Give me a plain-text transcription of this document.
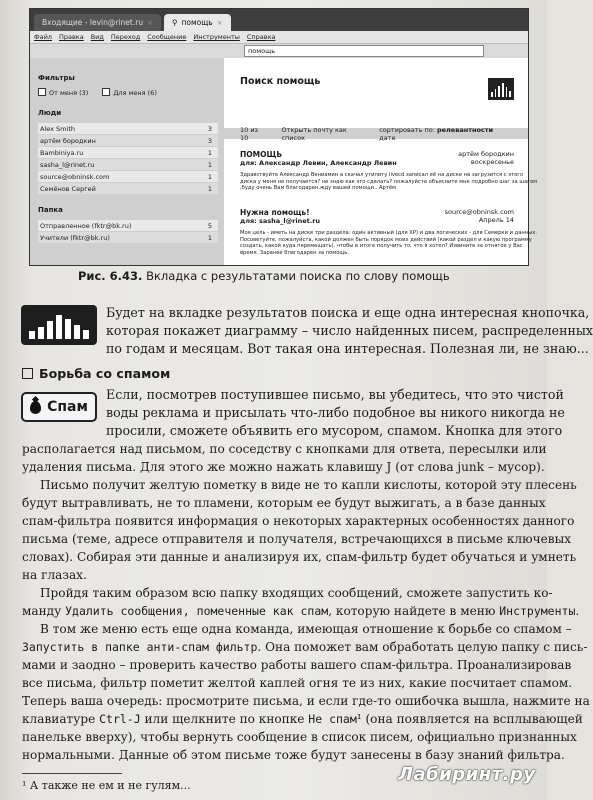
Входящие - levin@rinet.ru ×	⚲ помощь ×
Файл Правка Вид Переход Сообщение Инструменты Справка
помощь
Фильтры
От меня (3)	Для меня (6)
Люди
Alex Smith	3
артём бородкин	3
Bambiniya.ru	1
sasha_l@rinet.ru	1
source@obninsk.com	1
Семёнов Сергей	1
Папка
Отправленное (fktr@bk.ru)	5
Учители (fktr@bk.ru)	1
Поиск помощь
10 из 10
Открыть почту как список
сортировать по: релевантности дате
ПОМОЩЬ
для: Александр Левин, Александр Левин
артём бородкин
воскресенье
Здравствуйте Александр Вениамин а скачал утилиту Iivecd записал её на диске не загрузится с этого диска у меня не получается? не знаю как это сделать? пожалуйста объясните мне подробно шаг за шагом ,буду очень Вам благодарен,жду вашей помощи.. Артём
Нужна помощь!
для: sasha_l@rinet.ru
source@obninsk.com
Апрель 14
Моя цель - иметь на диске три раздела: один активный (для XP) и два логических - для Семерки и данных. Посоветуйте, пожалуйста, какой должен быть порядок моих действий (какой раздел и какую программу создать, какой куда перемещать), чтобы в итоге получить то, что я хотел? Извините за отнятое у Вас время. Заранее благодарен за помощь.
Рис. 6.43. Вкладка с результатами поиска по слову помощь
Будет на вкладке результатов поиска и еще одна интересная кнопочка,
которая покажет диаграмму – число найденных писем, распределенных
по годам и месяцам. Вот такая она интересная. Полезная ли, не знаю...
Борьба со спамом
Спам
Если, посмотрев поступившее письмо, вы убедитесь, что это чистой
воды реклама и присылать что-либо подобное вы никого никогда не
просили, сможете объявить его мусором, спамом. Кнопка для этого
располагается над письмом, по соседству с кнопками для ответа, пересылки или
удаления письма. Для этого же можно нажать клавишу J (от слова junk – мусор).
Письмо получит желтую пометку в виде не то капли кислоты, которой эту плесень
будут вытравливать, не то пламени, которым ее будут выжигать, а в базе данных
спам-фильтра появится информация о некоторых характерных особенностях данного
письма (теме, адресе отправителя и получателя, встречающихся в письме ключевых
словах). Собирая эти данные и анализируя их, спам-фильтр будет обучаться и умнеть
на глазах.
Пройдя таким образом всю папку входящих сообщений, сможете запустить ко-
манду Удалить сообщения, помеченные как спам, которую найдете в меню Инструменты.
В том же меню есть еще одна команда, имеющая отношение к борьбе со спамом –
Запустить в папке анти-спам фильтр. Она поможет вам обработать целую папку с пись-
мами и заодно – проверить качество работы вашего спам-фильтра. Проанализировав
все письма, фильтр пометит желтой каплей огня те из них, какие посчитает спамом.
Теперь ваша очередь: просмотрите письма, и если где-то ошибочка вышла, нажмите на
клавиатуре Ctrl-J или щелкните по кнопке Не спам¹ (она появляется на всплывающей
панельке вверху), чтобы вернуть сообщение в список писем, официально признанных
нормальными. Данные об этом письме тоже будут занесены в базу знаний фильтра.
¹ А также не ем и не гулям...
Лабиринт.ру
